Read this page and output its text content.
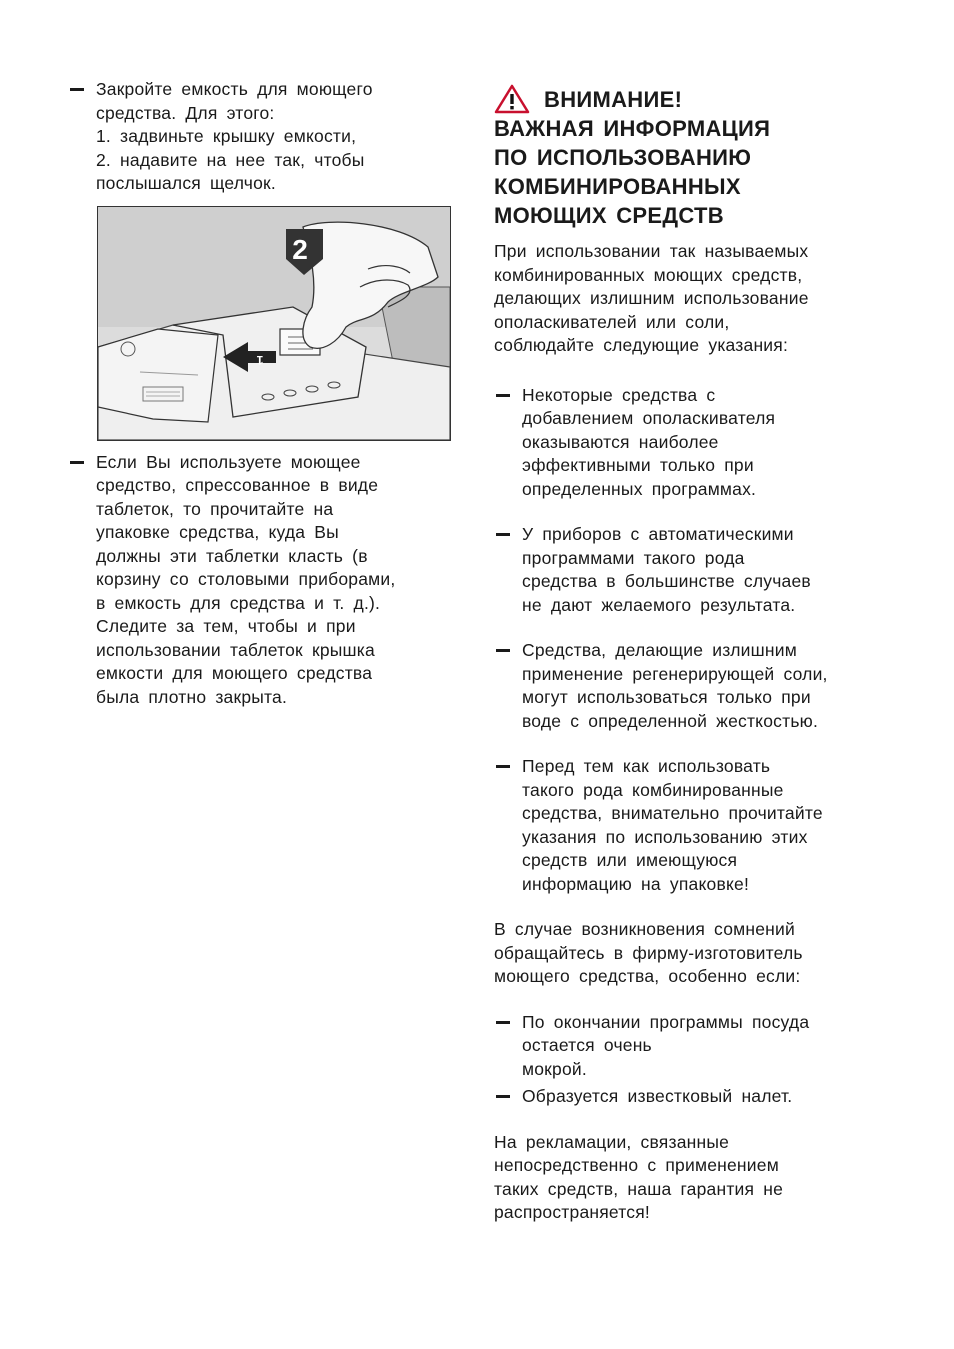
Закройте емкость для моющего
средства. Для этого:
1. задвиньте крышку емкости,
2. надавите на нее так, чтобы
послышался щелчок.
2
1
Если Вы используете моющее
средство, спрессованное в виде
таблеток, то прочитайте на
упаковке средства, куда Вы
должны эти таблетки класть (в
корзину со столовыми приборами,
в емкость для средства и т. д.).
Следите за тем, чтобы и при
использовании таблеток крышка
емкости для моющего средства
была плотно закрыта.
ВНИМАНИЕ!
ВАЖНАЯ ИНФОРМАЦИЯ
ПО ИСПОЛЬЗОВАНИЮ
КОМБИНИРОВАННЫХ
МОЮЩИХ СРЕДСТВ
При использовании так называемых
комбинированных моющих средств,
делающих излишним использование
ополаскивателей или соли,
соблюдайте следующие указания:
Некоторые средства с
добавлением ополаскивателя
оказываются наиболее
эффективными только при
определенных программах.
У приборов с автоматическими
программами такого рода
средства в большинстве случаев
не дают желаемого результата.
Средства, делающие излишним
применение регенерирующей соли,
могут использоваться только при
воде с определенной жесткостью.
Перед тем как использовать
такого рода комбинированные
средства, внимательно прочитайте
указания по использованию этих
средств или имеющуюся
информацию на упаковке!
В случае возникновения сомнений
обращайтесь в фирму-изготовитель
моющего средства, особенно если:
По окончании программы посуда
остается очень
мокрой.
Образуется известковый налет.
На рекламации, связанные
непосредственно с применением
таких средств, наша гарантия не
распространяется!
